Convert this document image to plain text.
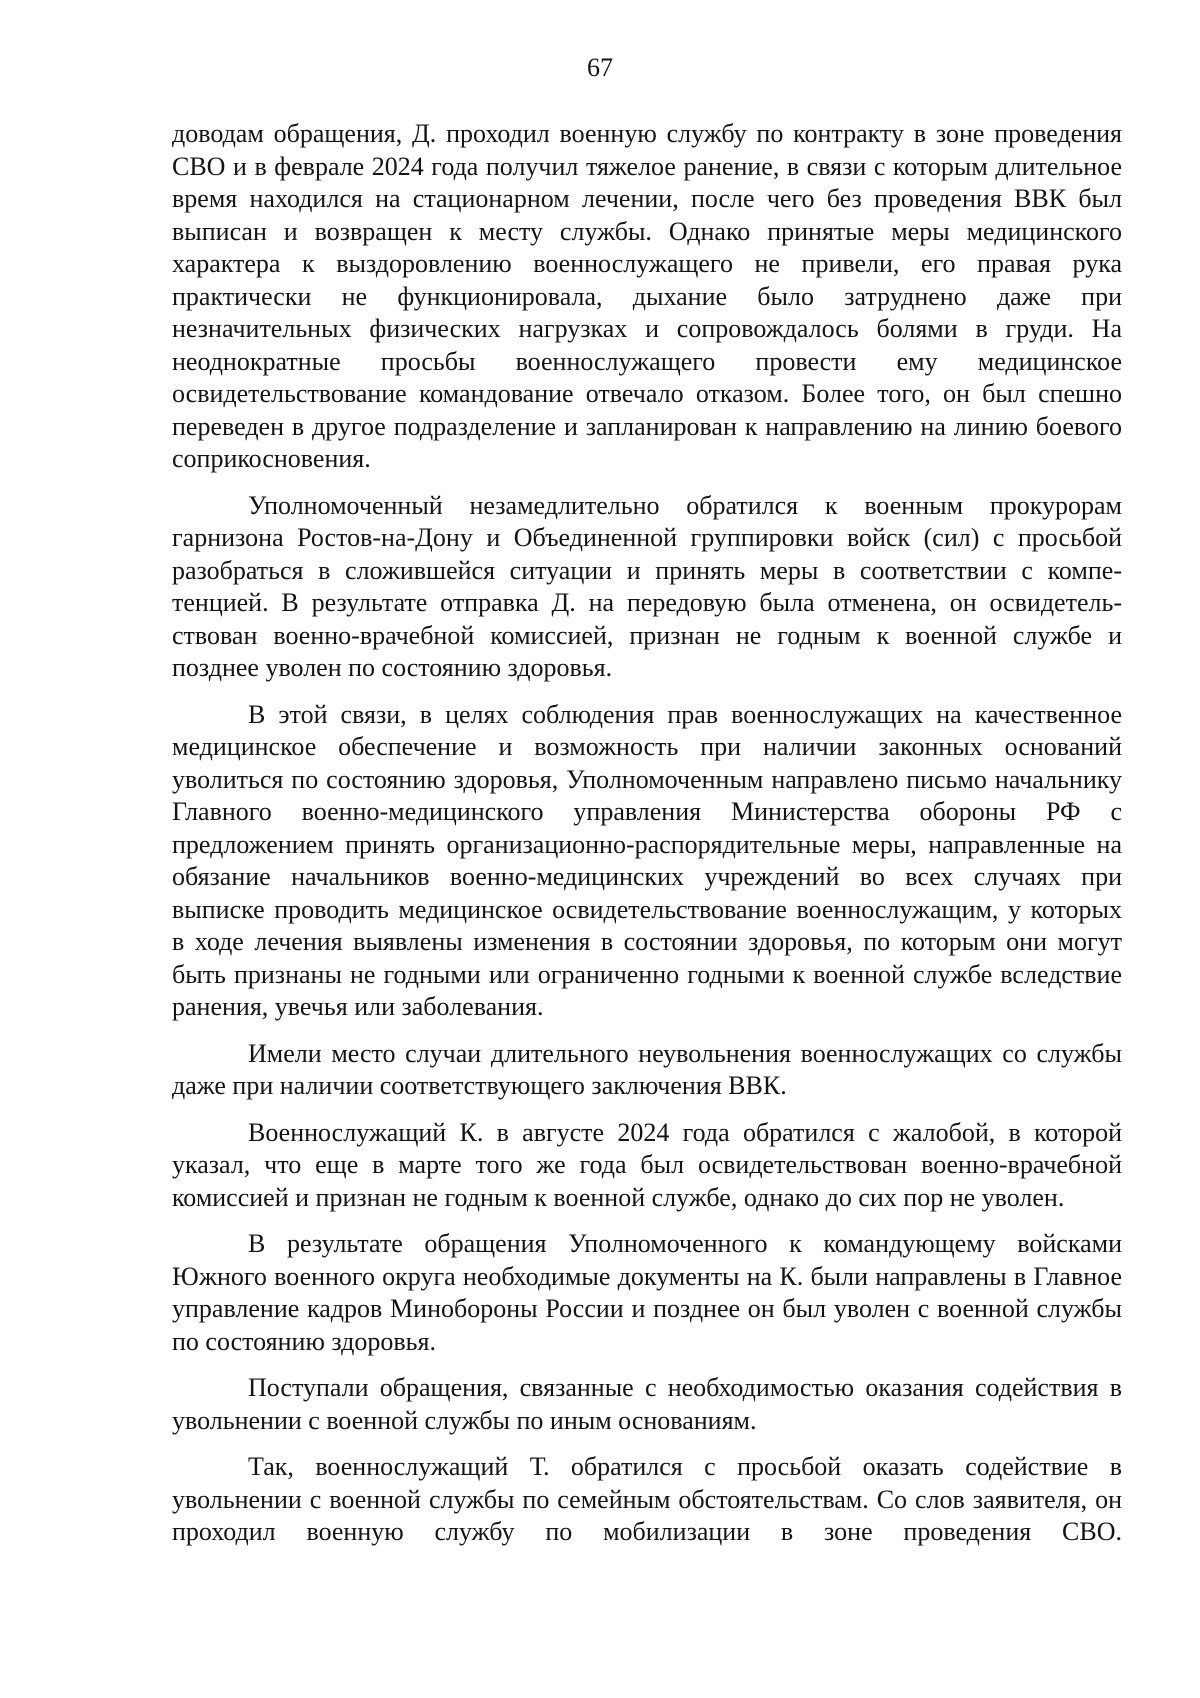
67

доводам обращения, Д. проходил военную службу по контракту в зоне проведения СВО и в феврале 2024 года получил тяжелое ранение, в связи с которым длительное время находился на стационарном лечении, после чего без проведения ВВК был выписан и возвращен к месту службы. Однако принятые меры медицинского характера к выздоровлению военнослужащего не привели, его правая рука практически не функционировала, дыхание было затруднено даже при незначительных физических нагрузках и сопровождалось болями в груди. На неоднократные просьбы военнослужащего провести ему медицинское освидетельствование командование отвечало отказом. Более того, он был спешно переведен в другое подразделение и запланирован к направлению на линию боевого соприкосновения.

Уполномоченный незамедлительно обратился к военным прокурорам гарнизона Ростов-на-Дону и Объединенной группировки войск (сил) с просьбой разобраться в сложившейся ситуации и принять меры в соответствии с компетенцией. В результате отправка Д. на передовую была отменена, он освидетельствован военно-врачебной комиссией, признан не годным к военной службе и позднее уволен по состоянию здоровья.

В этой связи, в целях соблюдения прав военнослужащих на качественное медицинское обеспечение и возможность при наличии законных оснований уволиться по состоянию здоровья, Уполномоченным направлено письмо начальнику Главного военно-медицинского управления Министерства обороны РФ с предложением принять организационно-распорядительные меры, направленные на обязание начальников военно-медицинских учреждений во всех случаях при выписке проводить медицинское освидетельствование военнослужащим, у которых в ходе лечения выявлены изменения в состоянии здоровья, по которым они могут быть признаны не годными или ограниченно годными к военной службе вследствие ранения, увечья или заболевания.

Имели место случаи длительного неувольнения военнослужащих со службы даже при наличии соответствующего заключения ВВК.

Военнослужащий К. в августе 2024 года обратился с жалобой, в которой указал, что еще в марте того же года был освидетельствован военно-врачебной комиссией и признан не годным к военной службе, однако до сих пор не уволен.

В результате обращения Уполномоченного к командующему войсками Южного военного округа необходимые документы на К. были направлены в Главное управление кадров Минобороны России и позднее он был уволен с военной службы по состоянию здоровья.

Поступали обращения, связанные с необходимостью оказания содействия в увольнении с военной службы по иным основаниям.

Так, военнослужащий Т. обратился с просьбой оказать содействие в увольнении с военной службы по семейным обстоятельствам. Со слов заявителя, он проходил военную службу по мобилизации в зоне проведения СВО.
